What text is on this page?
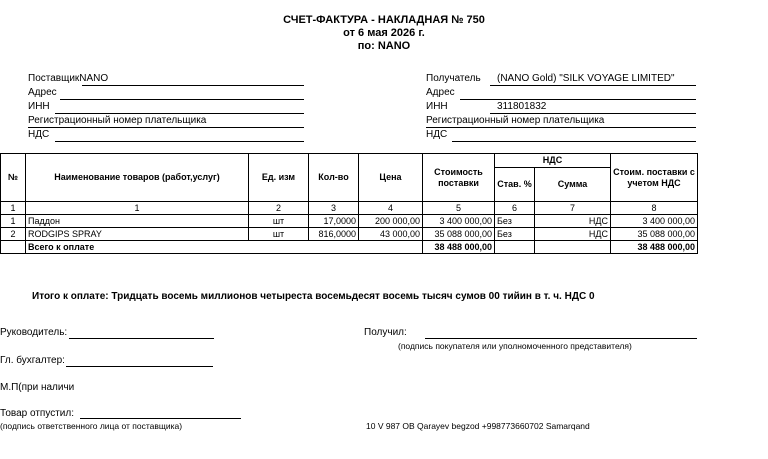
СЧЕТ-ФАКТУРА - НАКЛАДНАЯ № 750
от 6 мая 2026 г.
по: NANO
ПоставщикNANO
Адрес
ИНН
Регистрационный номер плательщика
НДС
Получатель (NANO Gold) "SILK VOYAGE LIMITED"
Адрес
ИНН	311801832
Регистрационный номер плательщика
НДС
№	Наименование товаров (работ,услуг)	Ед. изм	Кол-во	Цена	Стоимость поставки	НДС		Стоим. поставки с учетом НДС
						Став. %	Сумма	
1	1	2	3	4	5	6	7	8
1	Паддон	шт	17,0000	200 000,00	3 400 000,00	Без	НДС	3 400 000,00
2	RODGIPS SPRAY	шт	816,0000	43 000,00	35 088 000,00	Без	НДС	35 088 000,00
	Всего к оплате				38 488 000,00			38 488 000,00
Итого к оплате: Тридцать восемь миллионов четыреста восемьдесят восемь тысяч сумов 00 тийин в т. ч. НДС 0
Руководитель:
Гл. бухгалтер:
М.П(при наличи
Товар отпустил:
(подпись ответственного лица от поставщика)
Получил:
(подпись покупателя или уполномоченного представителя)
10 V 987 OB Qarayev begzod +998773660702 Samarqand
